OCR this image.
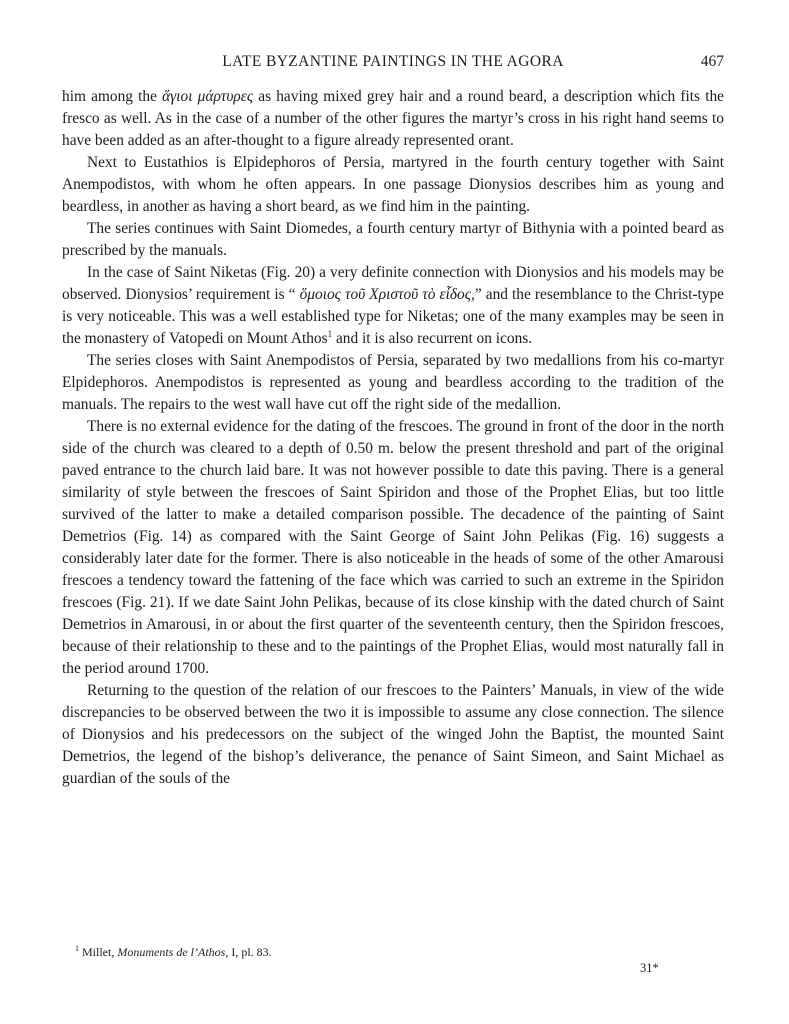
LATE BYZANTINE PAINTINGS IN THE AGORA	467

him among the ἅγιοι μάρτυρες as having mixed grey hair and a round beard, a description which fits the fresco as well. As in the case of a number of the other figures the martyr’s cross in his right hand seems to have been added as an after-thought to a figure already represented orant.

Next to Eustathios is Elpidephoros of Persia, martyred in the fourth century together with Saint Anempodistos, with whom he often appears. In one passage Dionysios describes him as young and beardless, in another as having a short beard, as we find him in the painting.

The series continues with Saint Diomedes, a fourth century martyr of Bithynia with a pointed beard as prescribed by the manuals.

In the case of Saint Niketas (Fig. 20) a very definite connection with Dionysios and his models may be observed. Dionysios’ requirement is “ ὅμοιος τοῦ Χριστοῦ τὸ εἶδος,” and the resemblance to the Christ-type is very noticeable. This was a well established type for Niketas; one of the many examples may be seen in the monastery of Vatopedi on Mount Athos$^1$ and it is also recurrent on icons.

The series closes with Saint Anempodistos of Persia, separated by two medallions from his co-martyr Elpidephoros. Anempodistos is represented as young and beardless according to the tradition of the manuals. The repairs to the west wall have cut off the right side of the medallion.

There is no external evidence for the dating of the frescoes. The ground in front of the door in the north side of the church was cleared to a depth of 0.50 m. below the present threshold and part of the original paved entrance to the church laid bare. It was not however possible to date this paving. There is a general similarity of style between the frescoes of Saint Spiridon and those of the Prophet Elias, but too little survived of the latter to make a detailed comparison possible. The decadence of the painting of Saint Demetrios (Fig. 14) as compared with the Saint George of Saint John Pelikas (Fig. 16) suggests a considerably later date for the former. There is also noticeable in the heads of some of the other Amarousi frescoes a tendency toward the fattening of the face which was carried to such an extreme in the Spiridon frescoes (Fig. 21). If we date Saint John Pelikas, because of its close kinship with the dated church of Saint Demetrios in Amarousi, in or about the first quarter of the seventeenth century, then the Spiridon frescoes, because of their relationship to these and to the paintings of the Prophet Elias, would most naturally fall in the period around 1700.

Returning to the question of the relation of our frescoes to the Painters’ Manuals, in view of the wide discrepancies to be observed between the two it is impossible to assume any close connection. The silence of Dionysios and his predecessors on the subject of the winged John the Baptist, the mounted Saint Demetrios, the legend of the bishop’s deliverance, the penance of Saint Simeon, and Saint Michael as guardian of the souls of the

$^1$ Millet, Monuments de l’Athos, I, pl. 83.
31*
